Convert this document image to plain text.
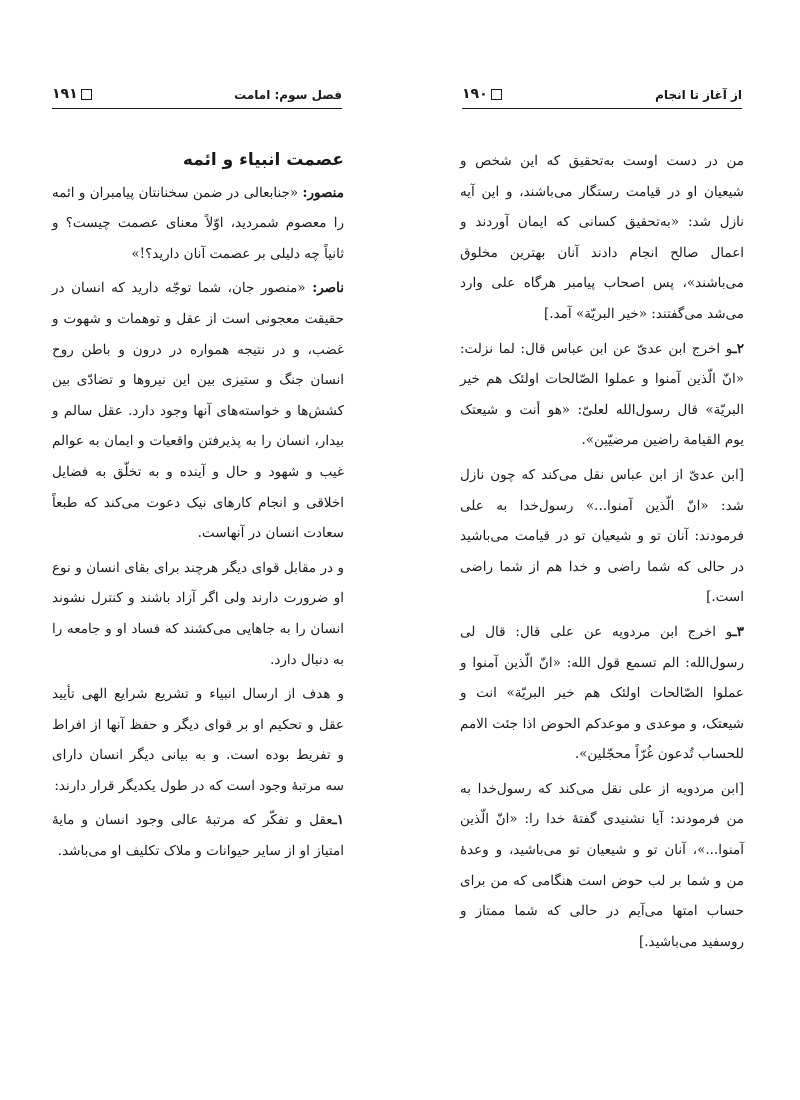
فصل سوم: امامت
۱۹۱
عصمت انبیاء و ائمه

منصور: «جنابعالی در ضمن سخنانتان پیامبران و ائمه را معصوم شمردید، اوّلاً معنای عصمت چیست؟ و ثانیاً چه دلیلی بر عصمت آنان دارید؟!»

ناصر: «منصور جان، شما توجّه دارید که انسان در حقیقت معجونی است از عقل و توهمات و شهوت و غضب، و در نتیجه همواره در درون و باطن روح انسان جنگ و ستیزی بین این نیروها و تضادّی بین کشش‌ها و خواسته‌های آنها وجود دارد. عقل سالم و بیدار، انسان را به پذیرفتن واقعیات و ایمان به عوالم غیب و شهود و حال و آینده و به تخلّق به فضایل اخلاقی و انجام کارهای نیک دعوت می‌کند که طبعاً سعادت انسان در آنهاست.

و در مقابل قوای دیگر هرچند برای بقای انسان و نوع او ضرورت دارند ولی اگر آزاد باشند و کنترل نشوند انسان را به جاهایی می‌کشند که فساد او و جامعه را به دنبال دارد.

و هدف از ارسال انبیاء و تشریع شرایع الهی تأیید عقل و تحکیم او بر قوای دیگر و حفظ آنها از افراط و تفریط بوده است. و به بیانی دیگر انسان دارای سه مرتبهٔ وجود است که در طول یکدیگر قرار دارند:

۱ـعقل و تفکّر که مرتبهٔ عالی وجود انسان و مایهٔ امتیاز او از سایر حیوانات و ملاک تکلیف او می‌باشد.

از آغاز تا انجام
۱۹۰

من در دست اوست به‌تحقیق که این شخص و شیعیان او در قیامت رستگار می‌باشند، و این آیه نازل شد: «به‌تحقیق کسانی که ایمان آوردند و اعمال صالح انجام دادند آنان بهترین مخلوق می‌باشند»، پس اصحاب پیامبر هرگاه علی وارد می‌شد می‌گفتند: «خیر البریّة» آمد.]

۲ـو اخرج ابن عدیّ عن ابن عباس قال: لما نزلت: «انّ الّذین آمنوا و عملوا الصّالحات اولئک هم خیر البریّة» قال رسول‌الله لعلیّ: «هو أنت و شیعتک یوم القیامة راضین مرضیّین».

[ابن عدیّ از ابن عباس نقل می‌کند که چون نازل شد: «انّ الّذین آمنوا...» رسول‌خدا به علی فرمودند: آنان تو و شیعیان تو در قیامت می‌باشید در حالی که شما راضی و خدا هم از شما راضی است.]

۳ـو اخرج ابن مردویه عن علی قال: قال لی رسول‌الله: الم تسمع قول الله: «انّ الّذین آمنوا و عملوا الصّالحات اولئک هم خیر البریّة» انت و شیعتک، و موعدی و موعدکم الحوض اذا جئت الامم للحساب تُدعون غُرّاً محجّلین».

[ابن مردویه از علی نقل می‌کند که رسول‌خدا به من فرمودند: آیا نشنیدی گفتهٔ خدا را: «انّ الّذین آمنوا...»، آنان تو و شیعیان تو می‌باشید، و وعدهٔ من و شما بر لب حوض است هنگامی که من برای حساب امتها می‌آیم در حالی که شما ممتاز و روسفید می‌باشید.]
